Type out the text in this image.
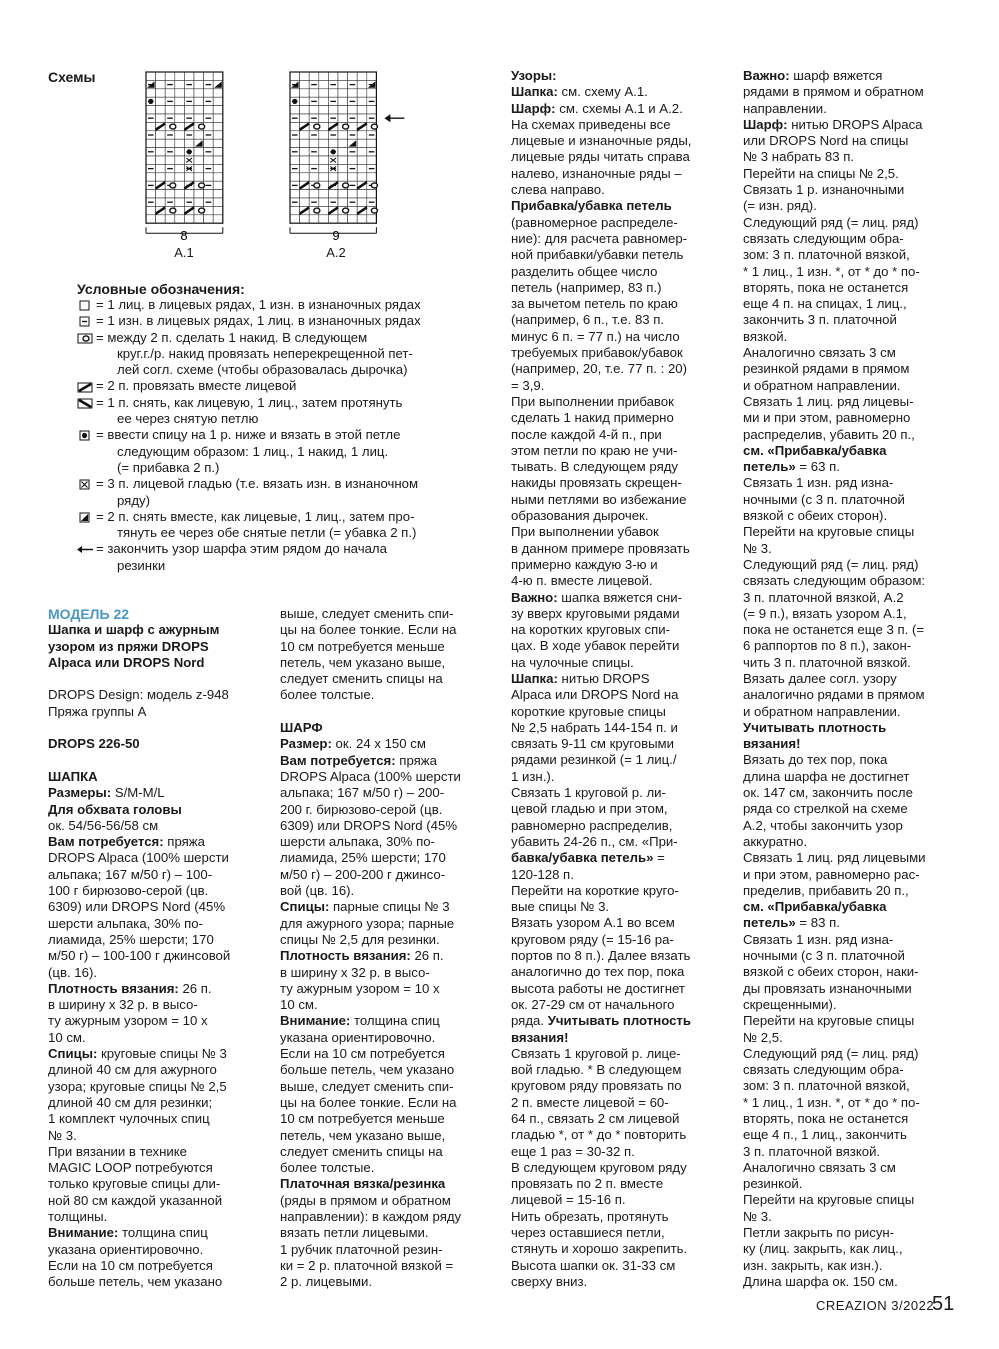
Схемы
8
A.1
9
A.2
Условные обозначения:
= 1 лиц. в лицевых рядах, 1 изн. в изнаночных рядах
= 1 изн. в лицевых рядах, 1 лиц. в изнаночных рядах
= между 2 п. сделать 1 накид. В следующем
круг.г./р. накид провязать неперекрещенной пет-
лей согл. схеме (чтобы образовалась дырочка)
= 2 п. провязать вместе лицевой
= 1 п. снять, как лицевую, 1 лиц., затем протянуть
ее через снятую петлю
= ввести спицу на 1 р. ниже и вязать в этой петле
следующим образом: 1 лиц., 1 накид, 1 лиц.
(= прибавка 2 п.)
= 3 п. лицевой гладью (т.е. вязать изн. в изнаночном
ряду)
= 2 п. снять вместе, как лицевые, 1 лиц., затем про-
тянуть ее через обе снятые петли (= убавка 2 п.)
= закончить узор шарфа этим рядом до начала
резинки
МОДЕЛЬ 22
Шапка и шарф с ажурным
узором из пряжи DROPS
Alpaca или DROPS Nord

DROPS Design: модель z-948
Пряжа группы A

DROPS 226-50

ШАПКА
Размеры: S/M-M/L
Для обхвата головы
ок. 54/56-56/58 см
Вам потребуется: пряжа
DROPS Alpaca (100% шерсти
альпака; 167 м/50 г) – 100-
100 г бирюзово-серой (цв.
6309) или DROPS Nord (45%
шерсти альпака, 30% по-
лиамида, 25% шерсти; 170
м/50 г) – 100-100 г джинсовой
(цв. 16).
Плотность вязания: 26 п.
в ширину х 32 р. в высо-
ту ажурным узором = 10 х
10 см.
Спицы: круговые спицы № 3
длиной 40 см для ажурного
узора; круговые спицы № 2,5
длиной 40 см для резинки;
1 комплект чулочных спиц
№ 3.
При вязании в технике
MAGIC LOOP потребуются
только круговые спицы дли-
ной 80 см каждой указанной
толщины.
Внимание: толщина спиц
указана ориентировочно.
Если на 10 см потребуется
больше петель, чем указано
выше, следует сменить спи-
цы на более тонкие. Если на
10 см потребуется меньше
петель, чем указано выше,
следует сменить спицы на
более толстые.

ШАРФ
Размер: ок. 24 х 150 см
Вам потребуется: пряжа
DROPS Alpaca (100% шерсти
альпака; 167 м/50 г) – 200-
200 г. бирюзово-серой (цв.
6309) или DROPS Nord (45%
шерсти альпака, 30% по-
лиамида, 25% шерсти; 170
м/50 г) – 200-200 г джинсо-
вой (цв. 16).
Спицы: парные спицы № 3
для ажурного узора; парные
спицы № 2,5 для резинки.
Плотность вязания: 26 п.
в ширину х 32 р. в высо-
ту ажурным узором = 10 х
10 см.
Внимание: толщина спиц
указана ориентировочно.
Если на 10 см потребуется
больше петель, чем указано
выше, следует сменить спи-
цы на более тонкие. Если на
10 см потребуется меньше
петель, чем указано выше,
следует сменить спицы на
более толстые.
Платочная вязка/резинка
(ряды в прямом и обратном
направлении): в каждом ряду
вязать петли лицевыми.
1 рубчик платочной резин-
ки = 2 р. платочной вязкой =
2 р. лицевыми.
Узоры:
Шапка: см. схему A.1.
Шарф: см. схемы A.1 и A.2.
На схемах приведены все
лицевые и изнаночные ряды,
лицевые ряды читать справа
налево, изнаночные ряды –
слева направо.
Прибавка/убавка петель
(равномерное распределе-
ние): для расчета равномер-
ной прибавки/убавки петель
разделить общее число
петель (например, 83 п.)
за вычетом петель по краю
(например, 6 п., т.е. 83 п.
минус 6 п. = 77 п.) на число
требуемых прибавок/убавок
(например, 20, т.е. 77 п. : 20)
= 3,9.
При выполнении прибавок
сделать 1 накид примерно
после каждой 4-й п., при
этом петли по краю не учи-
тывать. В следующем ряду
накиды провязать скрещен-
ными петлями во избежание
образования дырочек.
При выполнении убавок
в данном примере провязать
примерно каждую 3-ю и
4-ю п. вместе лицевой.
Важно: шапка вяжется сни-
зу вверх круговыми рядами
на коротких круговых спи-
цах. В ходе убавок перейти
на чулочные спицы.
Шапка: нитью DROPS
Alpaca или DROPS Nord на
короткие круговые спицы
№ 2,5 набрать 144-154 п. и
связать 9-11 см круговыми
рядами резинкой (= 1 лиц./
1 изн.).
Связать 1 круговой р. ли-
цевой гладью и при этом,
равномерно распределив,
убавить 24-26 п., см. «При-
бавка/убавка петель» =
120-128 п.
Перейти на короткие круго-
вые спицы № 3.
Вязать узором A.1 во всем
круговом ряду (= 15-16 ра-
портов по 8 п.). Далее вязать
аналогично до тех пор, пока
высота работы не достигнет
ок. 27-29 см от начального
ряда. Учитывать плотность
вязания!
Связать 1 круговой р. лице-
вой гладью. * В следующем
круговом ряду провязать по
2 п. вместе лицевой = 60-
64 п., связать 2 см лицевой
гладью *, от * до * повторить
еще 1 раз = 30-32 п.
В следующем круговом ряду
провязать по 2 п. вместе
лицевой = 15-16 п.
Нить обрезать, протянуть
через оставшиеся петли,
стянуть и хорошо закрепить.
Высота шапки ок. 31-33 см
сверху вниз.
Важно: шарф вяжется
рядами в прямом и обратном
направлении.
Шарф: нитью DROPS Alpaca
или DROPS Nord на спицы
№ 3 набрать 83 п.
Перейти на спицы № 2,5.
Связать 1 р. изнаночными
(= изн. ряд).
Следующий ряд (= лиц. ряд)
связать следующим обра-
зом: 3 п. платочной вязкой,
* 1 лиц., 1 изн. *, от * до * по-
вторять, пока не останется
еще 4 п. на спицах, 1 лиц.,
закончить 3 п. платочной
вязкой.
Аналогично связать 3 см
резинкой рядами в прямом
и обратном направлении.
Связать 1 лиц. ряд лицевы-
ми и при этом, равномерно
распределив, убавить 20 п.,
см. «Прибавка/убавка
петель» = 63 п.
Связать 1 изн. ряд изна-
ночными (с 3 п. платочной
вязкой с обеих сторон).
Перейти на круговые спицы
№ 3.
Следующий ряд (= лиц. ряд)
связать следующим образом:
3 п. платочной вязкой, A.2
(= 9 п.), вязать узором A.1,
пока не останется еще 3 п. (=
6 раппортов по 8 п.), закон-
чить 3 п. платочной вязкой.
Вязать далее согл. узору
аналогично рядами в прямом
и обратном направлении.
Учитывать плотность
вязания!
Вязать до тех пор, пока
длина шарфа не достигнет
ок. 147 см, закончить после
ряда со стрелкой на схеме
A.2, чтобы закончить узор
аккуратно.
Связать 1 лиц. ряд лицевыми
и при этом, равномерно рас-
пределив, прибавить 20 п.,
см. «Прибавка/убавка
петель» = 83 п.
Связать 1 изн. ряд изна-
ночными (с 3 п. платочной
вязкой с обеих сторон, наки-
ды провязать изнаночными
скрещенными).
Перейти на круговые спицы
№ 2,5.
Следующий ряд (= лиц. ряд)
связать следующим обра-
зом: 3 п. платочной вязкой,
* 1 лиц., 1 изн. *, от * до * по-
вторять, пока не останется
еще 4 п., 1 лиц., закончить
3 п. платочной вязкой.
Аналогично связать 3 см
резинкой.
Перейти на круговые спицы
№ 3.
Петли закрыть по рисун-
ку (лиц. закрыть, как лиц.,
изн. закрыть, как изн.).
Длина шарфа ок. 150 см.
CREAZION 3/2022
51
